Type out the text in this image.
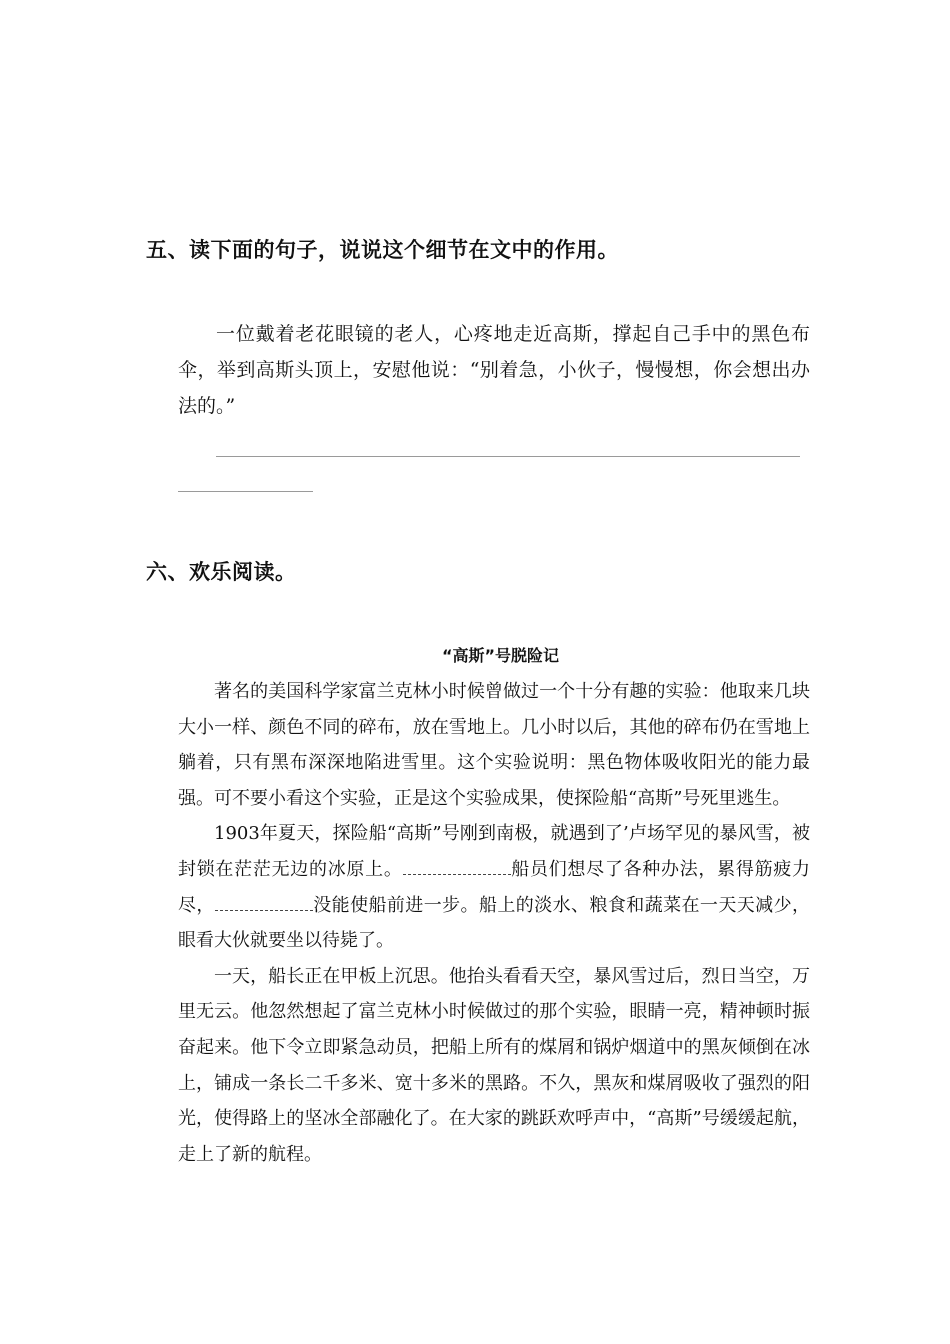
五、读下面的句子，说说这个细节在文中的作用。

一位戴着老花眼镜的老人，心疼地走近高斯，撑起自己手中的黑色布伞，举到高斯头顶上，安慰他说：“别着急，小伙子，慢慢想，你会想出办法的。”

六、欢乐阅读。
“高斯”号脱险记

著名的美国科学家富兰克林小时候曾做过一个十分有趣的实验：他取来几块大小一样、颜色不同的碎布，放在雪地上。几小时以后，其他的碎布仍在雪地上躺着，只有黑布深深地陷进雪里。这个实验说明：黑色物体吸收阳光的能力最强。可不要小看这个实验，正是这个实验成果，使探险船“高斯”号死里逃生。

1903年夏天，探险船“高斯”号刚到南极，就遇到了’卢场罕见的暴风雪，被封锁在茫茫无边的冰原上。	船员们想尽了各种办法，累得筋疲力尽，	没能使船前进一步。船上的淡水、粮食和蔬菜在一天天减少，眼看大伙就要坐以待毙了。

一天，船长正在甲板上沉思。他抬头看看天空，暴风雪过后，烈日当空，万里无云。他忽然想起了富兰克林小时候做过的那个实验，眼睛一亮，精神顿时振奋起来。他下令立即紧急动员，把船上所有的煤屑和锅炉烟道中的黑灰倾倒在冰上，铺成一条长二千多米、宽十多米的黑路。不久，黑灰和煤屑吸收了强烈的阳光，使得路上的坚冰全部融化了。在大家的跳跃欢呼声中，“高斯”号缓缓起航，走上了新的航程。
